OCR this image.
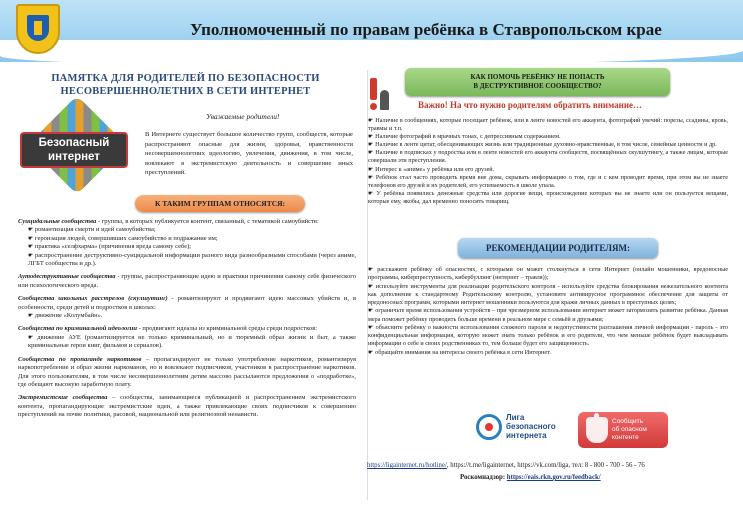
Уполномоченный по правам ребёнка в Ставропольском крае
ПАМЯТКА ДЛЯ РОДИТЕЛЕЙ ПО БЕЗОПАСНОСТИ
НЕСОВЕРШЕННОЛЕТНИХ В СЕТИ ИНТЕРНЕТ
Безопасный
интернет
Уважаемые родители!
В Интернете существует большое количество групп, сообществ, которые распространяют опасные для жизни, здоровья, нравственности несовершеннолетних идеологию, увлечения, движения, в том числе, вовлекают в экстремистскую деятельность и совершение иных преступлений.
К ТАКИМ ГРУППАМ ОТНОСЯТСЯ:
Суицидальные сообщества - группы, в которых публикуется контент, связанный, с тематикой самоубийств:
☛ романтизация смерти и идей самоубийства;
☛ героизация людей, совершивших самоубийство и подражание им;
☛ практика «селфхарма» (причинения вреда самому себе);
☛ распространение деструктивно-суицидальной информации разного вида разнообразными способами (через аниме, ЛГБТ сообщества и др.).
Аутодеструктивные сообщества - группы, распространяющие идею и практики причинения самому себе физического или психологического вреда.
Сообщества школьных расстрелов (скулшутинг) - романтизируют и продвигают идею массовых убийств и, в особенности, среди детей и подростков в школах:
☛ движение «Колумбайн».
Сообщества по криминальной идеологии - продвигают идеалы из криминальной среды среди подростков:
☛ движение АУЕ (романтизируется не только криминальный, но и тюремный образ жизни и быт, а также криминальные герои книг, фильмов и сериалов).
Сообщества по пропаганде наркотиков – пропагандируют не только употребление наркотиков, романтизируя наркопотребление и образ жизни наркоманов, но и вовлекают подписчиков, участников в распространение наркотиков. Для этого пользователям, в том числе несовершеннолетним детям массово рассылаются предложения о «подработке», где обещают высокую заработную плату.
Экстремистские сообщества – сообщества, занимающиеся публикацией и распространением экстремистского контента, пропагандирующие экстремистские идеи, а также привлекающие своих подписчиков к совершению преступлений на почве политики, расовой, национальной или религиозной ненависти.
КАК ПОМОЧЬ РЕБЁНКУ НЕ ПОПАСТЬ
В ДЕСТРУКТИВНОЕ СООБЩЕСТВО?
Важно! На что нужно родителям обратить внимание…

☛ Наличие в сообщениях, которые посещает ребёнок, или в ленте новостей его аккаунта, фотографий увечий: порезы, ссадины, кровь, травмы и т.п.

☛ Наличие фотографий в мрачных тонах, с депрессивным содержанием.

☛ Наличие в ленте цитат, обесценивающих жизнь или традиционные духовно-нравственные, в том числе, семейные ценности и др.

☛ Наличие в подписках у подростка или в ленте новостей его аккаунта сообществ, посвящённых скулшутингу, а также лицам, которые совершали эти преступления.

☛ Интерес к «аниме» у ребёнка или его друзей.

☛ Ребёнок стал часто проводить время вне дома, скрывать информацию о том, где и с кем проводит время, при этом вы не знаете телефонов его друзей и их родителей, его успеваемость в школе упала.

☛ У ребёнка появились денежные средства или дорогие вещи, происхождение которых вы не знаете или он пользуется вещами, которые ему, якобы, дал временно поносить товарищ.

РЕКОМЕНДАЦИИ РОДИТЕЛЯМ:

☛ расскажите ребёнку об опасностях, с которыми он может столкнуться в сети Интернет (онлайн мошенники, вредоносные программы, киберпреступность, кибербуллинг (интернет – травля));

☛ используйте инструменты для реализации родительского контроля - используйте средства блокирования нежелательного контента как дополнение к стандартному Родительскому контролю, установите антивирусное программное обеспечение для защиты от вредоносных программ, которыми интернет мошенники пользуются для кражи личных данных в преступных целях;

☛ ограничьте время использования устройств – при чрезмерном использовании интернет может затормозить развитие ребёнка. Данная мера поможет ребёнку проводить больше времени в реальном мире с семьёй и друзьями;

☛ объясните ребёнку о важности использования сложного пароля и недопустимости разглашения личной информации - пароль - это конфиденциальная информация, которую может знать только ребёнок и его родители, что чем меньше ребёнок будет выкладывать информации о себе и своих родственниках то, тем больше будет его защищенность.

☛ обращайте внимания на интересы своего ребёнка в сети Интернет.

Лига
безопасного
интернета
Сообщить
об опасном
контенте
https://ligainternet.ru/hotline/, https://t.me/ligainternet, https://vk.com/liga, тел: 8 - 800 - 700 - 56 - 76
Роскомнадзор: https://eais.rkn.gov.ru/feedback/
